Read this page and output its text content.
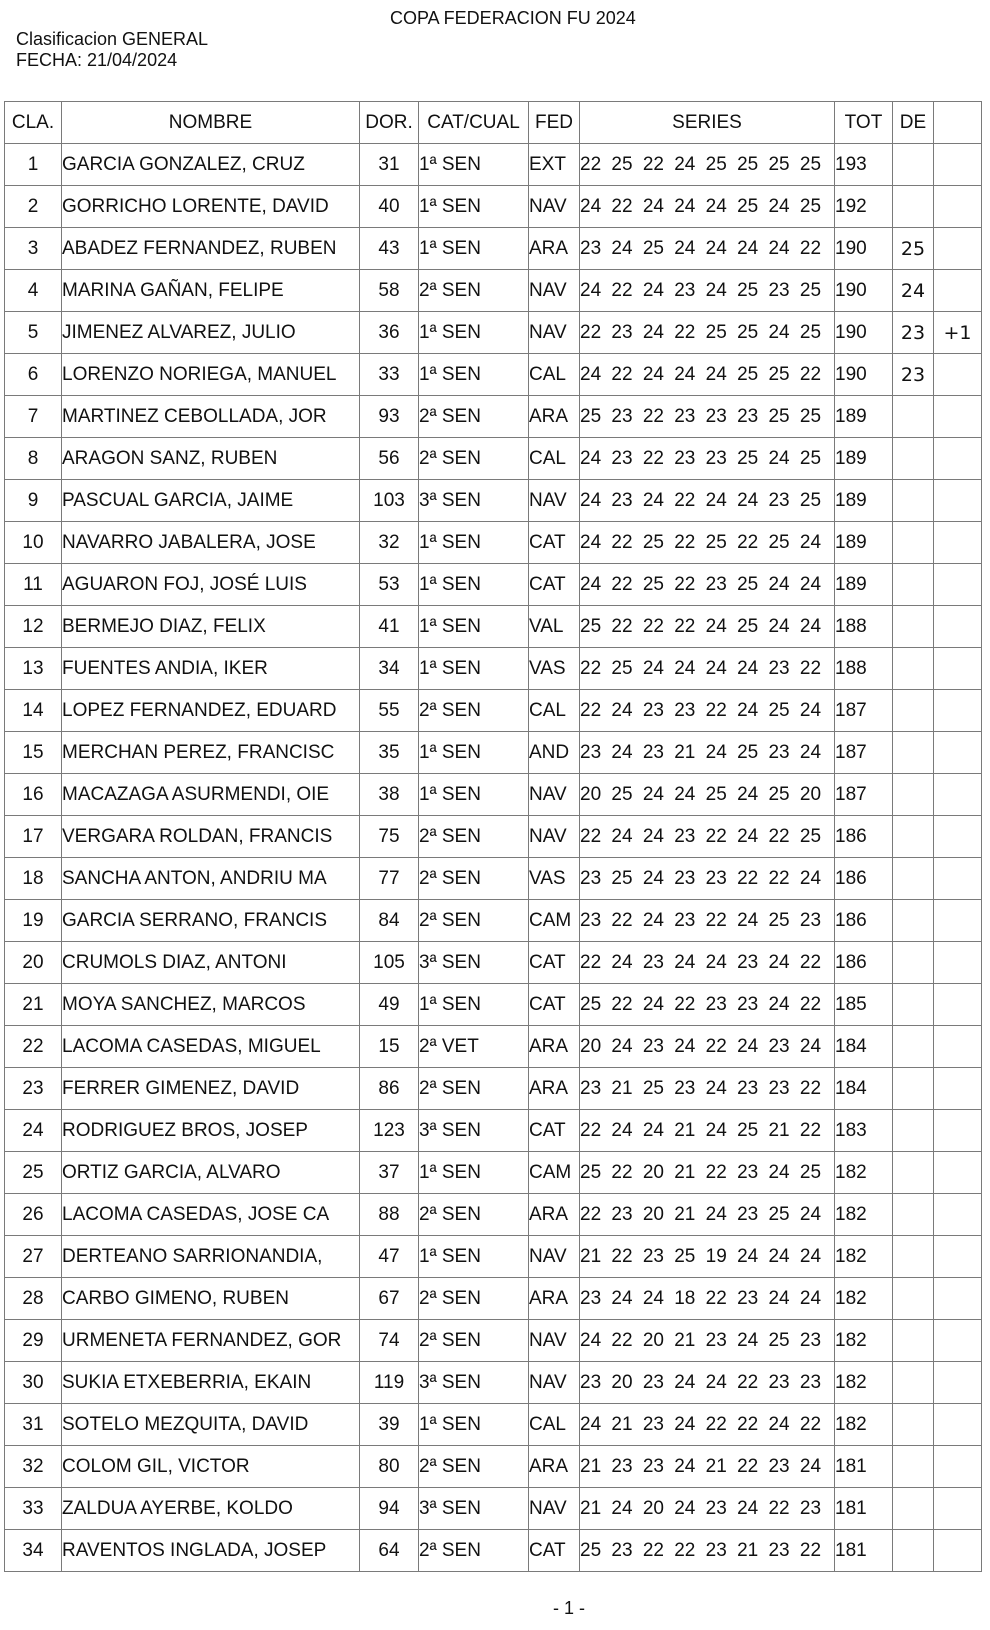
COPA FEDERACION FU 2024
Clasificacion GENERAL
FECHA: 21/04/2024
CLA.	NOMBRE	DOR.	CAT/CUAL	FED	SERIES	TOT	DE	
1	GARCIA GONZALEZ, CRUZ	31	1ª SEN	EXT	22 25 22 24 25 25 25 25	193		
2	GORRICHO LORENTE, DAVID	40	1ª SEN	NAV	24 22 24 24 24 25 24 25	192		
3	ABADEZ FERNANDEZ, RUBEN	43	1ª SEN	ARA	23 24 25 24 24 24 24 22	190	25	
4	MARINA GAÑAN, FELIPE	58	2ª SEN	NAV	24 22 24 23 24 25 23 25	190	24	
5	JIMENEZ ALVAREZ, JULIO	36	1ª SEN	NAV	22 23 24 22 25 25 24 25	190	23	+1
6	LORENZO NORIEGA, MANUEL	33	1ª SEN	CAL	24 22 24 24 24 25 25 22	190	23	
7	MARTINEZ CEBOLLADA, JOR	93	2ª SEN	ARA	25 23 22 23 23 23 25 25	189		
8	ARAGON SANZ, RUBEN	56	2ª SEN	CAL	24 23 22 23 23 25 24 25	189		
9	PASCUAL GARCIA, JAIME	103	3ª SEN	NAV	24 23 24 22 24 24 23 25	189		
10	NAVARRO JABALERA, JOSE	32	1ª SEN	CAT	24 22 25 22 25 22 25 24	189		
11	AGUARON FOJ, JOSÉ LUIS	53	1ª SEN	CAT	24 22 25 22 23 25 24 24	189		
12	BERMEJO DIAZ, FELIX	41	1ª SEN	VAL	25 22 22 22 24 25 24 24	188		
13	FUENTES ANDIA, IKER	34	1ª SEN	VAS	22 25 24 24 24 24 23 22	188		
14	LOPEZ FERNANDEZ, EDUARD	55	2ª SEN	CAL	22 24 23 23 22 24 25 24	187		
15	MERCHAN PEREZ, FRANCISC	35	1ª SEN	AND	23 24 23 21 24 25 23 24	187		
16	MACAZAGA ASURMENDI, OIE	38	1ª SEN	NAV	20 25 24 24 25 24 25 20	187		
17	VERGARA ROLDAN, FRANCIS	75	2ª SEN	NAV	22 24 24 23 22 24 22 25	186		
18	SANCHA ANTON, ANDRIU MA	77	2ª SEN	VAS	23 25 24 23 23 22 22 24	186		
19	GARCIA SERRANO, FRANCIS	84	2ª SEN	CAM	23 22 24 23 22 24 25 23	186		
20	CRUMOLS DIAZ, ANTONI	105	3ª SEN	CAT	22 24 23 24 24 23 24 22	186		
21	MOYA SANCHEZ, MARCOS	49	1ª SEN	CAT	25 22 24 22 23 23 24 22	185		
22	LACOMA CASEDAS, MIGUEL	15	2ª VET	ARA	20 24 23 24 22 24 23 24	184		
23	FERRER GIMENEZ, DAVID	86	2ª SEN	ARA	23 21 25 23 24 23 23 22	184		
24	RODRIGUEZ BROS, JOSEP	123	3ª SEN	CAT	22 24 24 21 24 25 21 22	183		
25	ORTIZ GARCIA, ALVARO	37	1ª SEN	CAM	25 22 20 21 22 23 24 25	182		
26	LACOMA CASEDAS, JOSE CA	88	2ª SEN	ARA	22 23 20 21 24 23 25 24	182		
27	DERTEANO SARRIONANDIA,	47	1ª SEN	NAV	21 22 23 25 19 24 24 24	182		
28	CARBO GIMENO, RUBEN	67	2ª SEN	ARA	23 24 24 18 22 23 24 24	182		
29	URMENETA FERNANDEZ, GOR	74	2ª SEN	NAV	24 22 20 21 23 24 25 23	182		
30	SUKIA ETXEBERRIA, EKAIN	119	3ª SEN	NAV	23 20 23 24 24 22 23 23	182		
31	SOTELO MEZQUITA, DAVID	39	1ª SEN	CAL	24 21 23 24 22 22 24 22	182		
32	COLOM GIL, VICTOR	80	2ª SEN	ARA	21 23 23 24 21 22 23 24	181		
33	ZALDUA AYERBE, KOLDO	94	3ª SEN	NAV	21 24 20 24 23 24 22 23	181		
34	RAVENTOS INGLADA, JOSEP	64	2ª SEN	CAT	25 23 22 22 23 21 23 22	181		
- 1 -
